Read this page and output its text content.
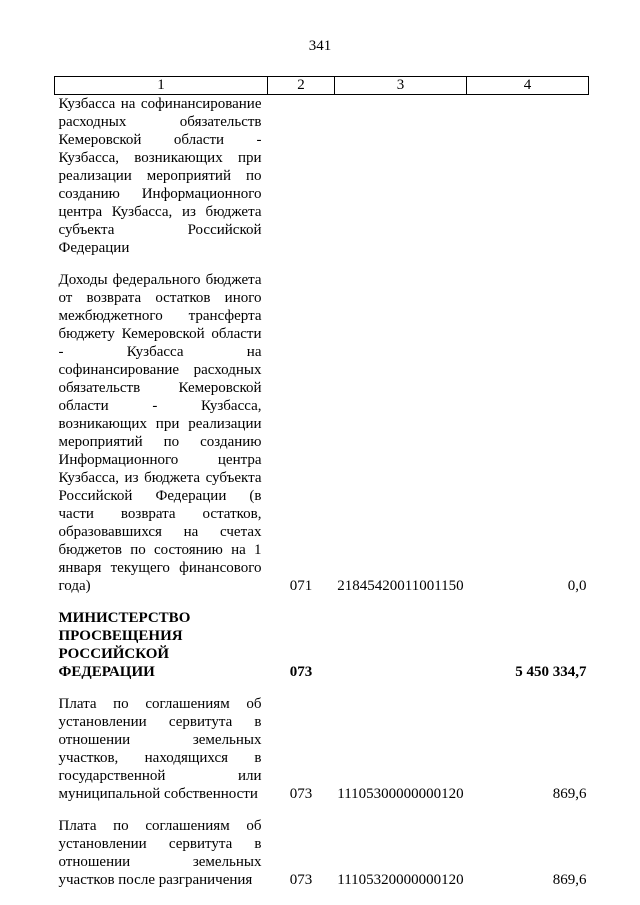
341
1	2	3	4
Кузбасса на софинансирование расходных обязательств Кемеровской области - Кузбасса, возникающих при реализации мероприятий по созданию Информационного центра Кузбасса, из бюджета субъекта Российской Федерации			
Доходы федерального бюджета от возврата остатков иного межбюджетного трансферта бюджету Кемеровской области - Кузбасса на софинансирование расходных обязательств Кемеровской области - Кузбасса, возникающих при реализации мероприятий по созданию Информационного центра Кузбасса, из бюджета субъекта Российской Федерации (в части возврата остатков, образовавшихся на счетах бюджетов по состоянию на 1 января текущего финансового года)	071	21845420011001150	0,0
МИНИСТЕРСТВО ПРОСВЕЩЕНИЯ РОССИЙСКОЙ ФЕДЕРАЦИИ	073		5 450 334,7
Плата по соглашениям об установлении сервитута в отношении земельных участков, находящихся в государственной или муниципальной собственности	073	11105300000000120	869,6
Плата по соглашениям об установлении сервитута в отношении земельных участков после разграничения	073	11105320000000120	869,6
